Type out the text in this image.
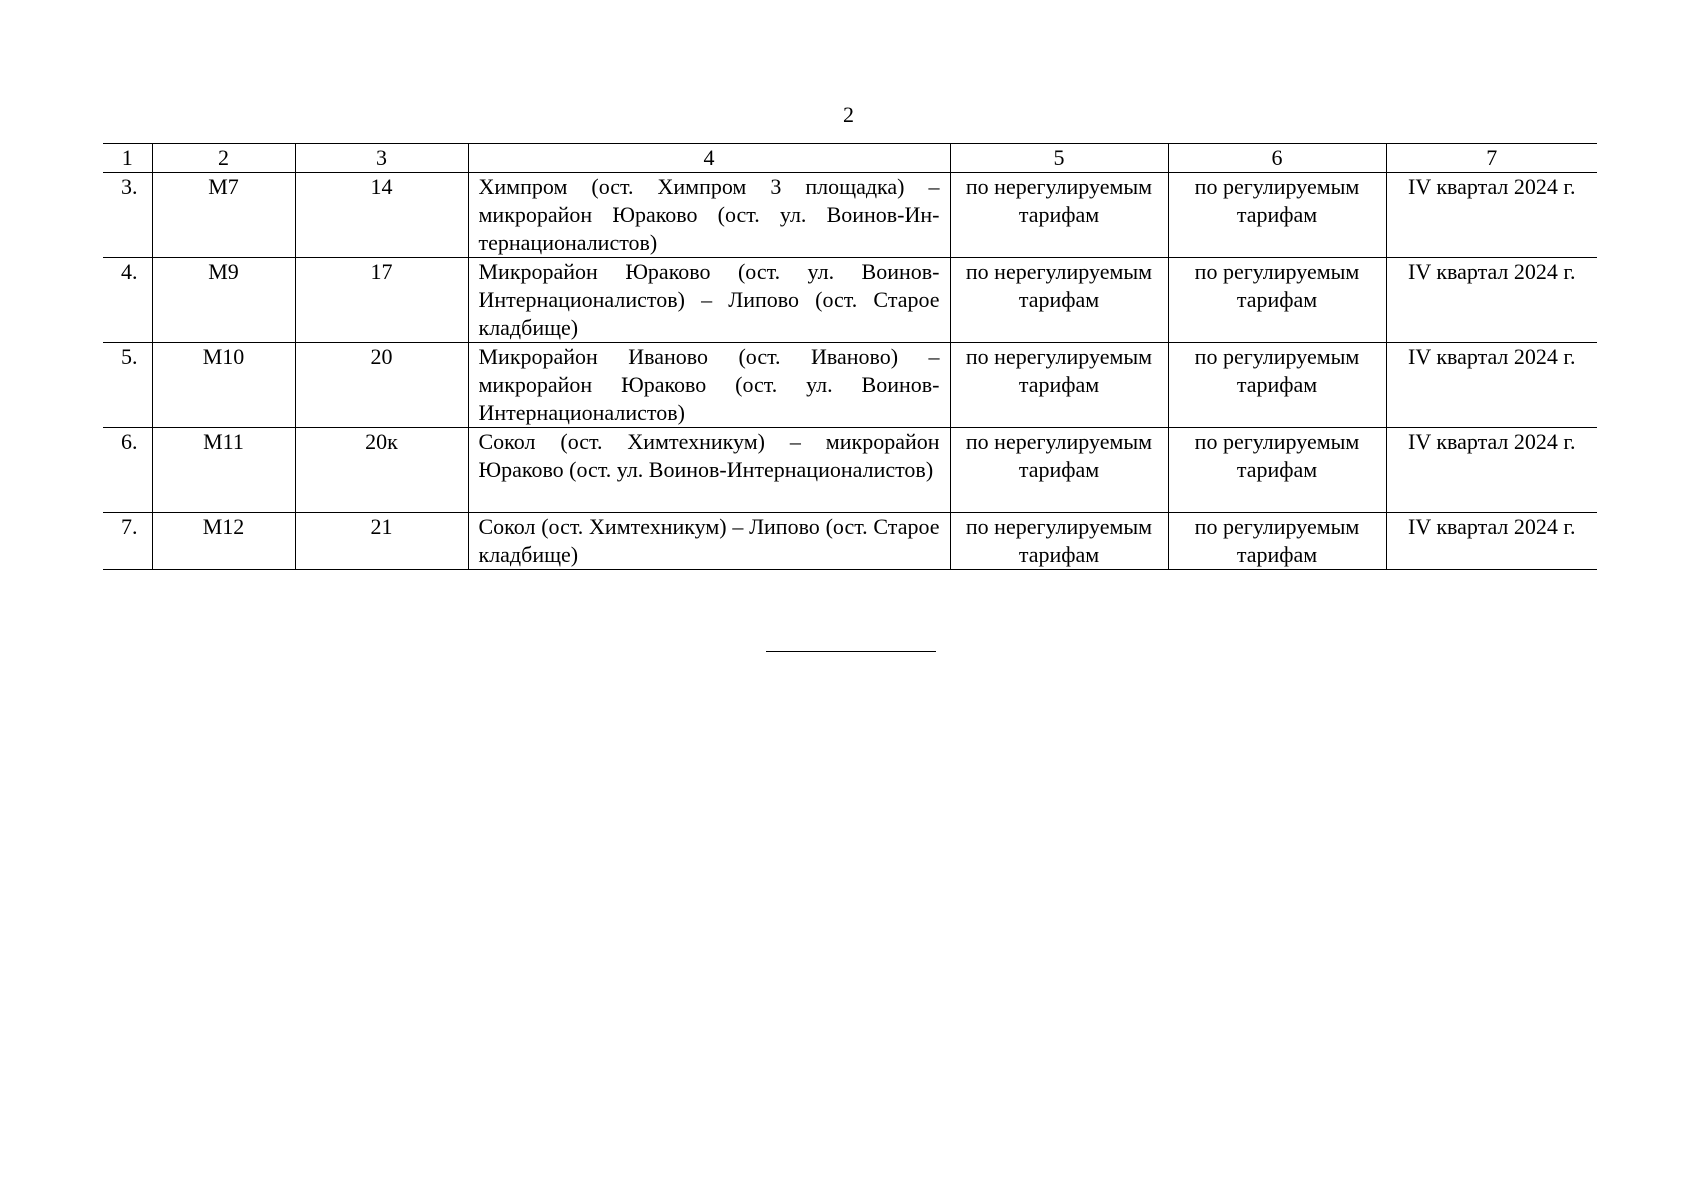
2
1	2	3	4	5	6	7
3.	М7	14	Химпром (ост. Химпром 3 площадка) – микрорайон Юраково (ост. ул. Воинов-Интернационалистов)	по нерегулируемым тарифам	по регулируемым тарифам	IV квартал 2024 г.
4.	М9	17	Микрорайон Юраково (ост. ул. Воинов-Интернационалистов) – Липово (ост. Старое кладбище)	по нерегулируемым тарифам	по регулируемым тарифам	IV квартал 2024 г.
5.	М10	20	Микрорайон Иваново (ост. Иваново) – микрорайон Юраково (ост. ул. Воинов-Интернационалистов)	по нерегулируемым тарифам	по регулируемым тарифам	IV квартал 2024 г.
6.	М11	20к	Сокол (ост. Химтехникум) – микрорайон Юраково (ост. ул. Воинов-Интернационалистов)	по нерегулируемым тарифам	по регулируемым тарифам	IV квартал 2024 г.
7.	М12	21	Сокол (ост. Химтехникум) – Липово (ост. Старое кладбище)	по нерегулируемым тарифам	по регулируемым тарифам	IV квартал 2024 г.
